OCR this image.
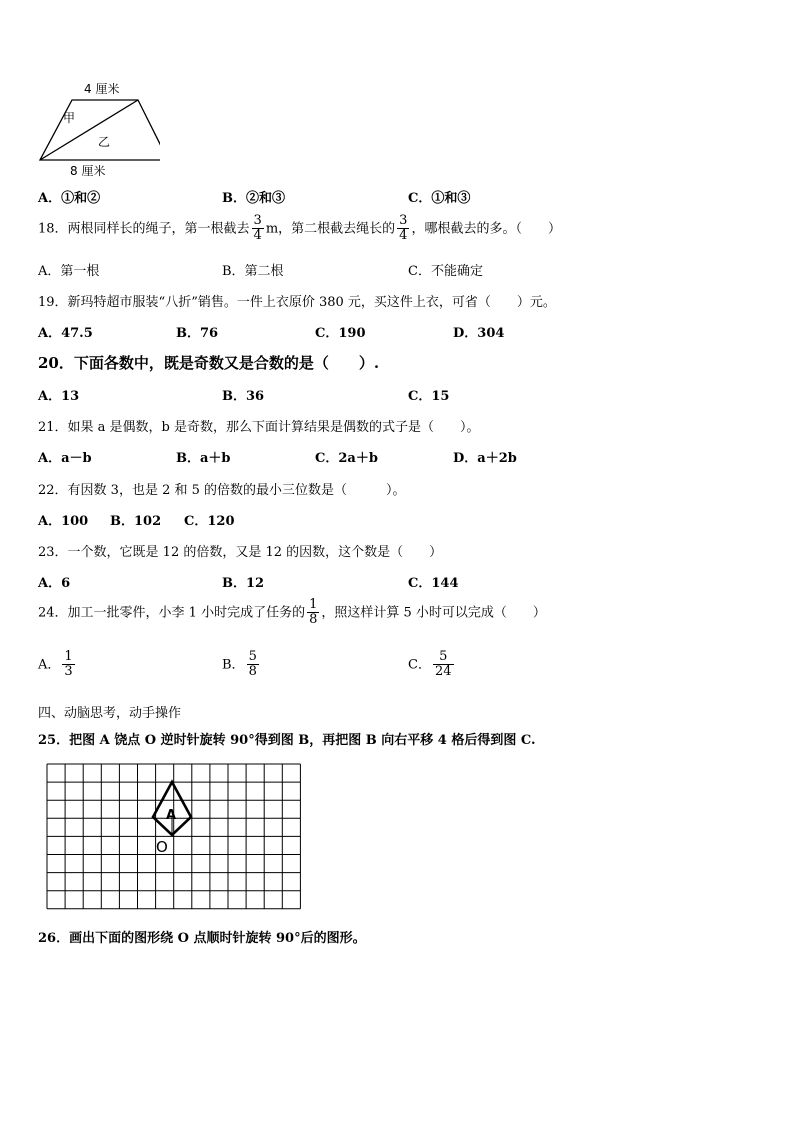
4 厘米
8 厘米
甲
乙
A．①和②	B．②和③	C．①和③
18．两根同样长的绳子，第一根截去 $\frac{3}{4}$ m，第二根截去绳长的 $\frac{3}{4}$ ，哪根截去的多。（　　）
A．第一根	B．第二根	C．不能确定
19．新玛特超市服装“八折”销售。一件上衣原价 380 元，买这件上衣，可省（　　）元。
A．47.5	B．76	C．190	D．304
20．下面各数中，既是奇数又是合数的是（　　）.
A．13	B．36	C．15
21．如果 a 是偶数，b 是奇数，那么下面计算结果是偶数的式子是（　　）。
A．a－b	B．a＋b	C．2a＋b	D．a＋2b
22．有因数 3，也是 2 和 5 的倍数的最小三位数是（　　　）。
A．100 B．102 C．120
23．一个数，它既是 12 的倍数，又是 12 的因数，这个数是（　　）
A．6	B．12	C．144
24．加工一批零件，小李 1 小时完成了任务的 $\frac{1}{8}$ ，照这样计算 5 小时可以完成（　　）
A． $\frac{1}{3}$	B． $\frac{5}{8}$	C． $\frac{5}{24}$
四、动脑思考，动手操作
25．把图 A 饶点 O 逆时针旋转 90°得到图 B，再把图 B 向右平移 4 格后得到图 C.
A
O
26．画出下面的图形绕 O 点顺时针旋转 90°后的图形。
